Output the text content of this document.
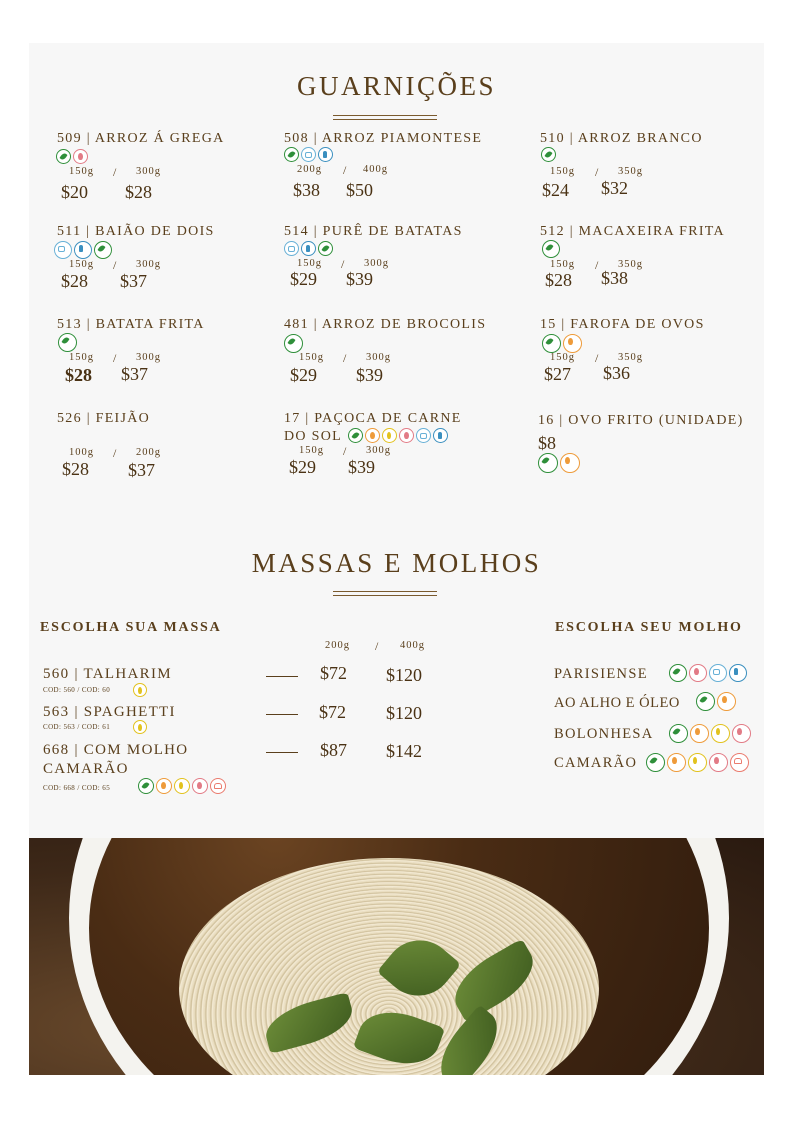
GUARNIÇÕES
509 | ARROZ Á GREGA
150g / 300g
$20 $28
508 | ARROZ PIAMONTESE
200g / 400g
$38 $50
510 | ARROZ BRANCO
150g / 350g
$24 $32
511 | BAIÃO DE DOIS
150g / 300g
$28 $37
514 | PURÊ DE BATATAS
150g / 300g
$29 $39
512 | MACAXEIRA FRITA
150g / 350g
$28 $38
513 | BATATA FRITA
150g / 300g
$28 $37
481 | ARROZ DE BROCOLIS
150g / 300g
$29 $39
15 | FAROFA DE OVOS
150g / 350g
$27 $36
526 | FEIJÃO
100g / 200g
$28 $37
17 | PAÇOCA DE CARNE
DO SOL
150g / 300g
$29 $39
16 | OVO FRITO (UNIDADE)
$8
MASSAS E MOLHOS
ESCOLHA SUA MASSA	ESCOLHA SEU MOLHO
200g / 400g
560 | TALHARIM
COD: 560 / COD: 60
$72 $120
563 | SPAGHETTI
COD: 563 / COD: 61
$72 $120
668 | COM MOLHO
CAMARÃO
COD: 668 / COD: 65
$87 $142
PARISIENSE
AO ALHO E ÓLEO
BOLONHESA
CAMARÃO
